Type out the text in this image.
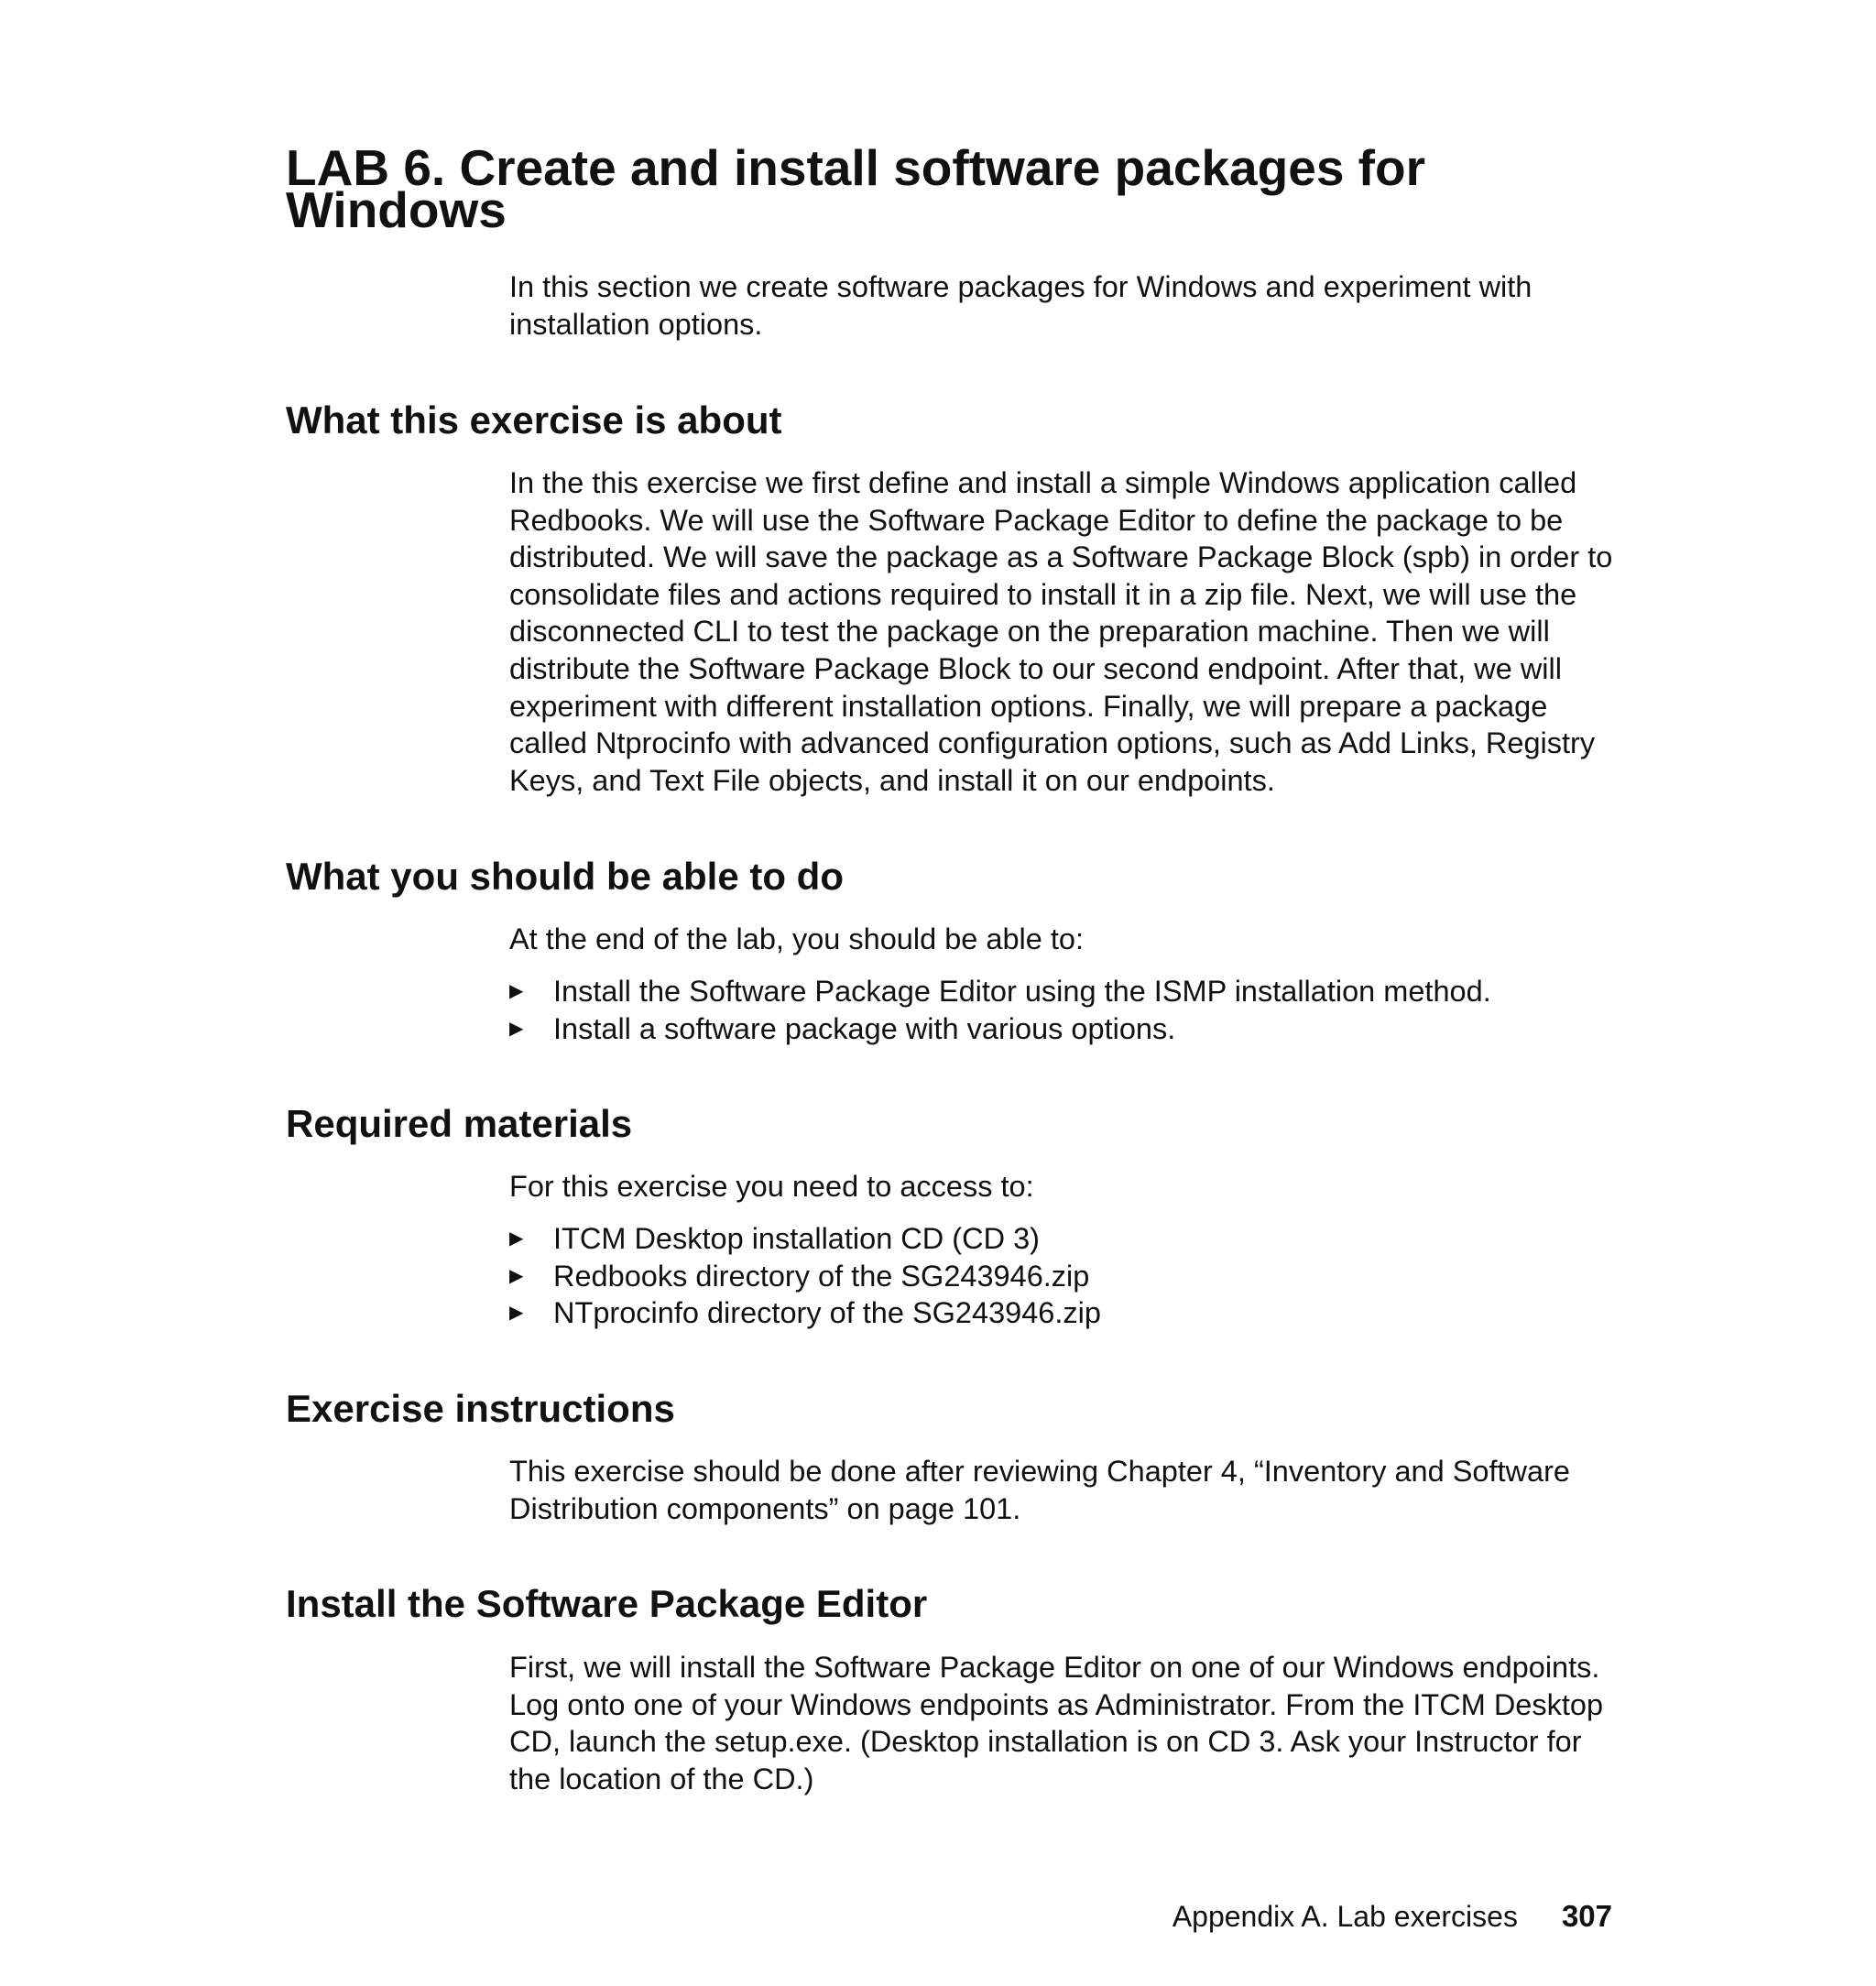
LAB 6. Create and install software packages for Windows

In this section we create software packages for Windows and experiment with installation options.

What this exercise is about

In the this exercise we first define and install a simple Windows application called Redbooks. We will use the Software Package Editor to define the package to be distributed. We will save the package as a Software Package Block (spb) in order to consolidate files and actions required to install it in a zip file. Next, we will use the disconnected CLI to test the package on the preparation machine. Then we will distribute the Software Package Block to our second endpoint. After that, we will experiment with different installation options. Finally, we will prepare a package called Ntprocinfo with advanced configuration options, such as Add Links, Registry Keys, and Text File objects, and install it on our endpoints.

What you should be able to do

At the end of the lab, you should be able to:

▶ Install the Software Package Editor using the ISMP installation method.
▶ Install a software package with various options.
Required materials

For this exercise you need to access to:

▶ ITCM Desktop installation CD (CD 3)
▶ Redbooks directory of the SG243946.zip
▶ NTprocinfo directory of the SG243946.zip
Exercise instructions

This exercise should be done after reviewing Chapter 4, “Inventory and Software Distribution components” on page 101.

Install the Software Package Editor

First, we will install the Software Package Editor on one of our Windows endpoints. Log onto one of your Windows endpoints as Administrator. From the ITCM Desktop CD, launch the setup.exe. (Desktop installation is on CD 3. Ask your Instructor for the location of the CD.)

Appendix A. Lab exercises 307
